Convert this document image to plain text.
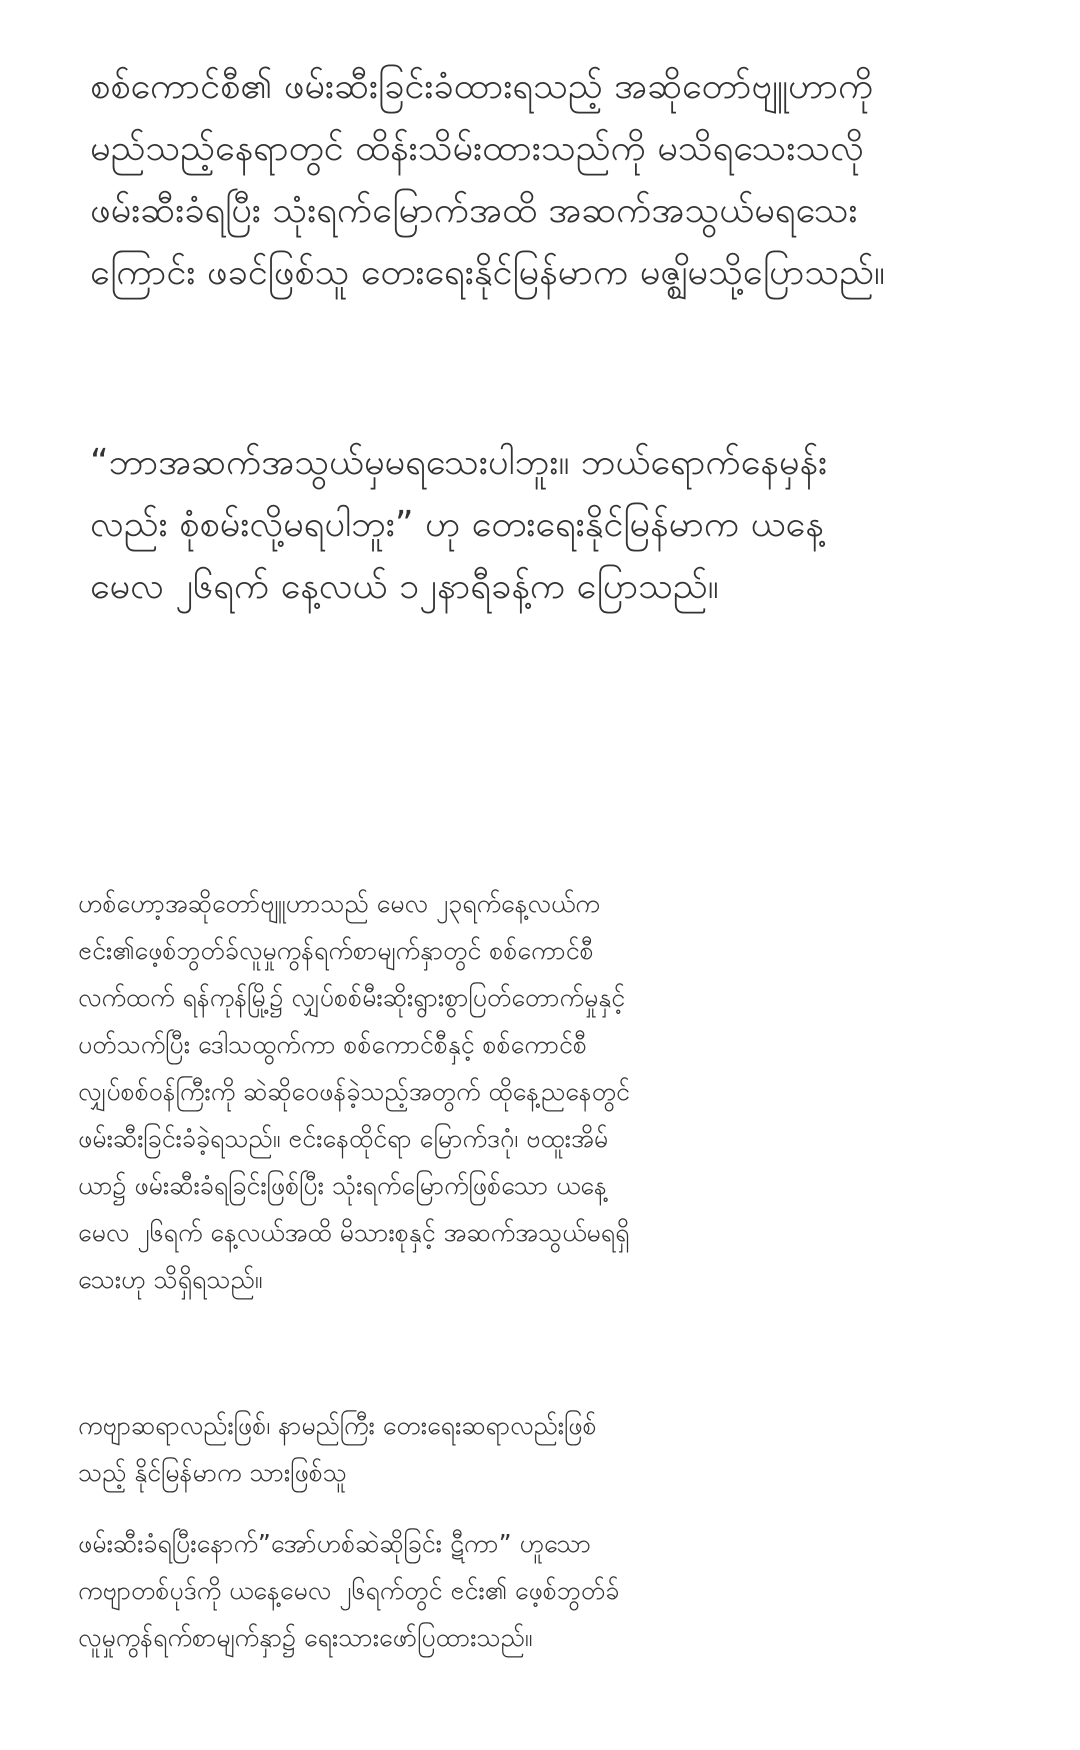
စစ်ကောင်စီ၏ ဖမ်းဆီးခြင်းခံထားရသည့် အဆိုတော်ဗျူဟာကို
မည်သည့်နေရာတွင် ထိန်းသိမ်းထားသည်ကို မသိရသေးသလို
ဖမ်းဆီးခံရပြီး သုံးရက်မြောက်အထိ အဆက်အသွယ်မရသေး
ကြောင်း ဖခင်ဖြစ်သူ တေးရေးနိုင်မြန်မာက မဇ္ဈိမသို့ပြောသည်။

“ဘာအဆက်အသွယ်မှမရသေးပါဘူး။ ဘယ်ရောက်နေမှန်း
လည်း စုံစမ်းလို့မရပါဘူး” ဟု တေးရေးနိုင်မြန်မာက ယနေ့
မေလ ၂၆ရက် နေ့လယ် ၁၂နာရီခန့်က ပြောသည်။

ဟစ်ဟော့အဆိုတော်ဗျူဟာသည် မေလ ၂၃ရက်နေ့လယ်က
ၔင်း၏ဖေ့စ်ဘွတ်ခ်လူမှုကွန်ရက်စာမျက်နှာတွင် စစ်ကောင်စီ
လက်ထက် ရန်ကုန်မြို့၌ လျှပ်စစ်မီးဆိုးရွားစွာပြတ်တောက်မှုနှင့်
ပတ်သက်ပြီး ဒေါသထွက်ကာ စစ်ကောင်စီနှင့် စစ်ကောင်စီ
လျှပ်စစ်ဝန်ကြီးကို ဆဲဆိုဝေဖန်ခဲ့သည့်အတွက် ထိုနေ့ညနေတွင်
ဖမ်းဆီးခြင်းခံခဲ့ရသည်။ ၔင်းနေထိုင်ရာ မြောက်ဒဂုံ၊ ဗထူးအိမ်
ယာ၌ ဖမ်းဆီးခံရခြင်းဖြစ်ပြီး သုံးရက်မြောက်ဖြစ်သော ယနေ့
မေလ ၂၆ရက် နေ့လယ်အထိ မိသားစုနှင့် အဆက်အသွယ်မရရှိ
သေးဟု သိရှိရသည်။

ကဗျာဆရာလည်းဖြစ်၊ နာမည်ကြီး တေးရေးဆရာလည်းဖြစ်
သည့် နိုင်မြန်မာက သားဖြစ်သူ

ဖမ်းဆီးခံရပြီးနောက်”အော်ဟစ်ဆဲဆိုခြင်း ဋီကာ” ဟူသော
ကဗျာတစ်ပုဒ်ကို ယနေ့မေလ ၂၆ရက်တွင် ၔင်း၏ ဖေ့စ်ဘွတ်ခ်
လူမှုကွန်ရက်စာမျက်နှာ၌ ရေးသားဖော်ပြထားသည်။
